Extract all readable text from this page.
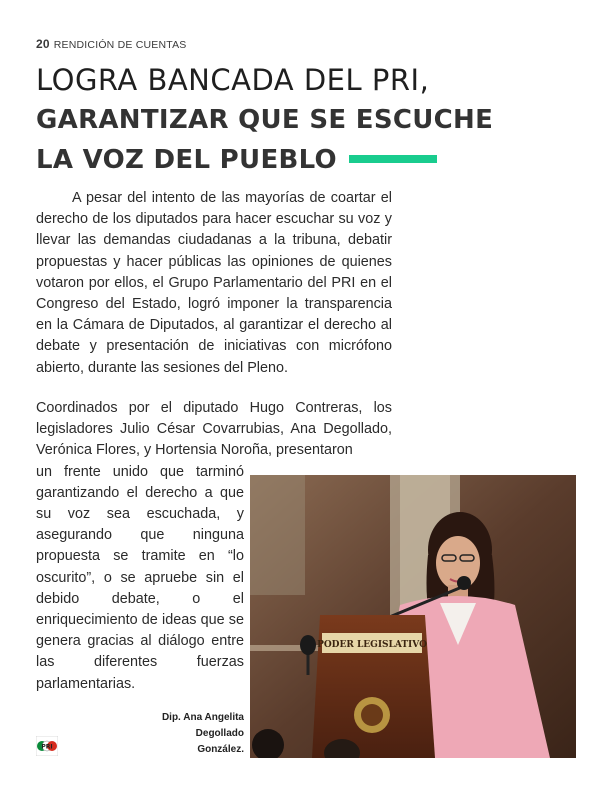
20 RENDICIÓN DE CUENTAS
LOGRA BANCADA DEL PRI,
GARANTIZAR QUE SE ESCUCHE
LA VOZ DEL PUEBLO

A pesar del intento de las mayorías de coartar el derecho de los diputados para hacer escuchar su voz y llevar las demandas ciudadanas a la tribuna, debatir propuestas y hacer públicas las opiniones de quienes votaron por ellos, el Grupo Parlamentario del PRI en el Congreso del Estado, logró imponer la transparencia en la Cámara de Diputados, al garantizar el derecho al debate y presentación de iniciativas con micrófono abierto, durante las sesiones del Pleno.

Coordinados por el diputado Hugo Contreras, los legisladores Julio César Covarrubias, Ana Degollado, Verónica Flores, y Hortensia Noroña, presentaron
un frente unido que tarminó garantizando el derecho a que su voz sea escuchada, y asegurando que ninguna propuesta se tramite en “lo oscurito”, o se apruebe sin el debido debate, o el enriquecimiento de ideas que se genera gracias al diálogo entre las diferentes fuerzas parlamentarias.
PODER LEGISLATIVO
Dip. Ana Angelita
Degollado González.
PRI
